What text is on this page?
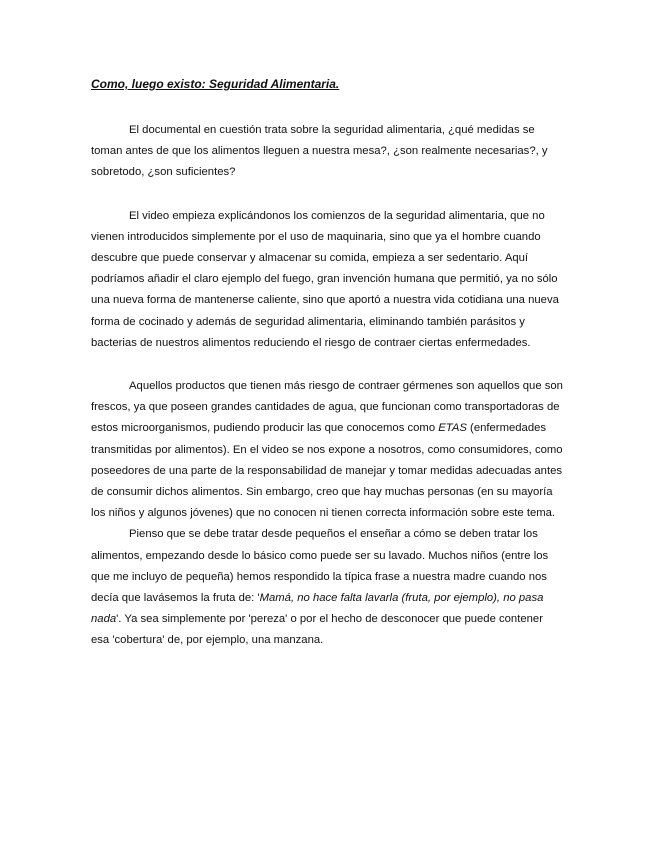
Como, luego existo: Seguridad Alimentaria.

El documental en cuestión trata sobre la seguridad alimentaria, ¿qué medidas se toman antes de que los alimentos lleguen a nuestra mesa?, ¿son realmente necesarias?, y sobretodo, ¿son suficientes?

El video empieza explicándonos los comienzos de la seguridad alimentaria, que no vienen introducidos simplemente por el uso de maquinaria, sino que ya el hombre cuando descubre que puede conservar y almacenar su comida, empieza a ser sedentario. Aquí podríamos añadir el claro ejemplo del fuego, gran invención humana que permitió, ya no sólo una nueva forma de mantenerse caliente, sino que aportó a nuestra vida cotidiana una nueva forma de cocinado y además de seguridad alimentaria, eliminando también parásitos y bacterias de nuestros alimentos reduciendo el riesgo de contraer ciertas enfermedades.

Aquellos productos que tienen más riesgo de contraer gérmenes son aquellos que son frescos, ya que poseen grandes cantidades de agua, que funcionan como transportadoras de estos microorganismos, pudiendo producir las que conocemos como ETAS (enfermedades transmitidas por alimentos). En el video se nos expone a nosotros, como consumidores, como poseedores de una parte de la responsabilidad de manejar y tomar medidas adecuadas antes de consumir dichos alimentos. Sin embargo, creo que hay muchas personas (en su mayoría los niños y algunos jóvenes) que no conocen ni tienen correcta información sobre este tema.

Pienso que se debe tratar desde pequeños el enseñar a cómo se deben tratar los alimentos, empezando desde lo básico como puede ser su lavado. Muchos niños (entre los que me incluyo de pequeña) hemos respondido la típica frase a nuestra madre cuando nos decía que lavásemos la fruta de: 'Mamá, no hace falta lavarla (fruta, por ejemplo), no pasa nada'. Ya sea simplemente por 'pereza' o por el hecho de desconocer que puede contener esa 'cobertura' de, por ejemplo, una manzana.
